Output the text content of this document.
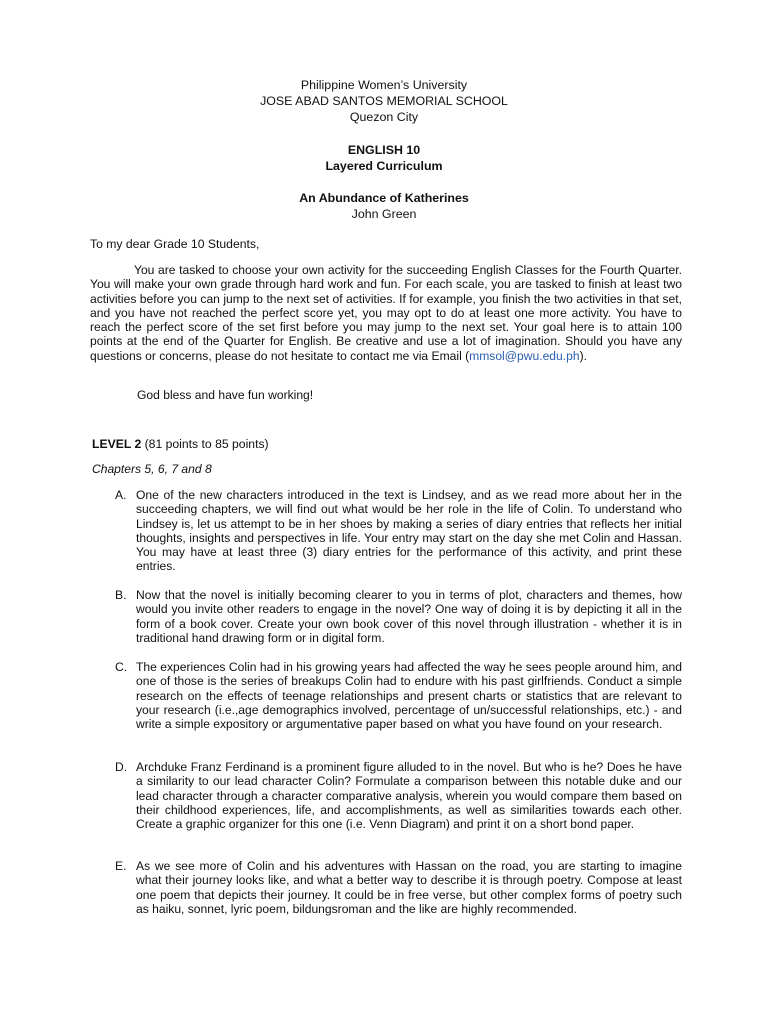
Philippine Women’s University
JOSE ABAD SANTOS MEMORIAL SCHOOL
Quezon City
ENGLISH 10
Layered Curriculum
An Abundance of Katherines
John Green
To my dear Grade 10 Students,
You are tasked to choose your own activity for the succeeding English Classes for the Fourth Quarter. You will make your own grade through hard work and fun. For each scale, you are tasked to finish at least two activities before you can jump to the next set of activities. If for example, you finish the two activities in that set, and you have not reached the perfect score yet, you may opt to do at least one more activity. You have to reach the perfect score of the set first before you may jump to the next set. Your goal here is to attain 100 points at the end of the Quarter for English. Be creative and use a lot of imagination. Should you have any questions or concerns, please do not hesitate to contact me via Email (mmsol@pwu.edu.ph).
God bless and have fun working!
LEVEL 2 (81 points to 85 points)
Chapters 5, 6, 7 and 8
A. One of the new characters introduced in the text is Lindsey, and as we read more about her in the succeeding chapters, we will find out what would be her role in the life of Colin. To understand who Lindsey is, let us attempt to be in her shoes by making a series of diary entries that reflects her initial thoughts, insights and perspectives in life. Your entry may start on the day she met Colin and Hassan. You may have at least three (3) diary entries for the performance of this activity, and print these entries.
B. Now that the novel is initially becoming clearer to you in terms of plot, characters and themes, how would you invite other readers to engage in the novel? One way of doing it is by depicting it all in the form of a book cover. Create your own book cover of this novel through illustration - whether it is in traditional hand drawing form or in digital form.
C. The experiences Colin had in his growing years had affected the way he sees people around him, and one of those is the series of breakups Colin had to endure with his past girlfriends. Conduct a simple research on the effects of teenage relationships and present charts or statistics that are relevant to your research (i.e.,age demographics involved, percentage of un/successful relationships, etc.) - and write a simple expository or argumentative paper based on what you have found on your research.
D. Archduke Franz Ferdinand is a prominent figure alluded to in the novel. But who is he? Does he have a similarity to our lead character Colin? Formulate a comparison between this notable duke and our lead character through a character comparative analysis, wherein you would compare them based on their childhood experiences, life, and accomplishments, as well as similarities towards each other. Create a graphic organizer for this one (i.e. Venn Diagram) and print it on a short bond paper.
E. As we see more of Colin and his adventures with Hassan on the road, you are starting to imagine what their journey looks like, and what a better way to describe it is through poetry. Compose at least one poem that depicts their journey. It could be in free verse, but other complex forms of poetry such as haiku, sonnet, lyric poem, bildungsroman and the like are highly recommended.
